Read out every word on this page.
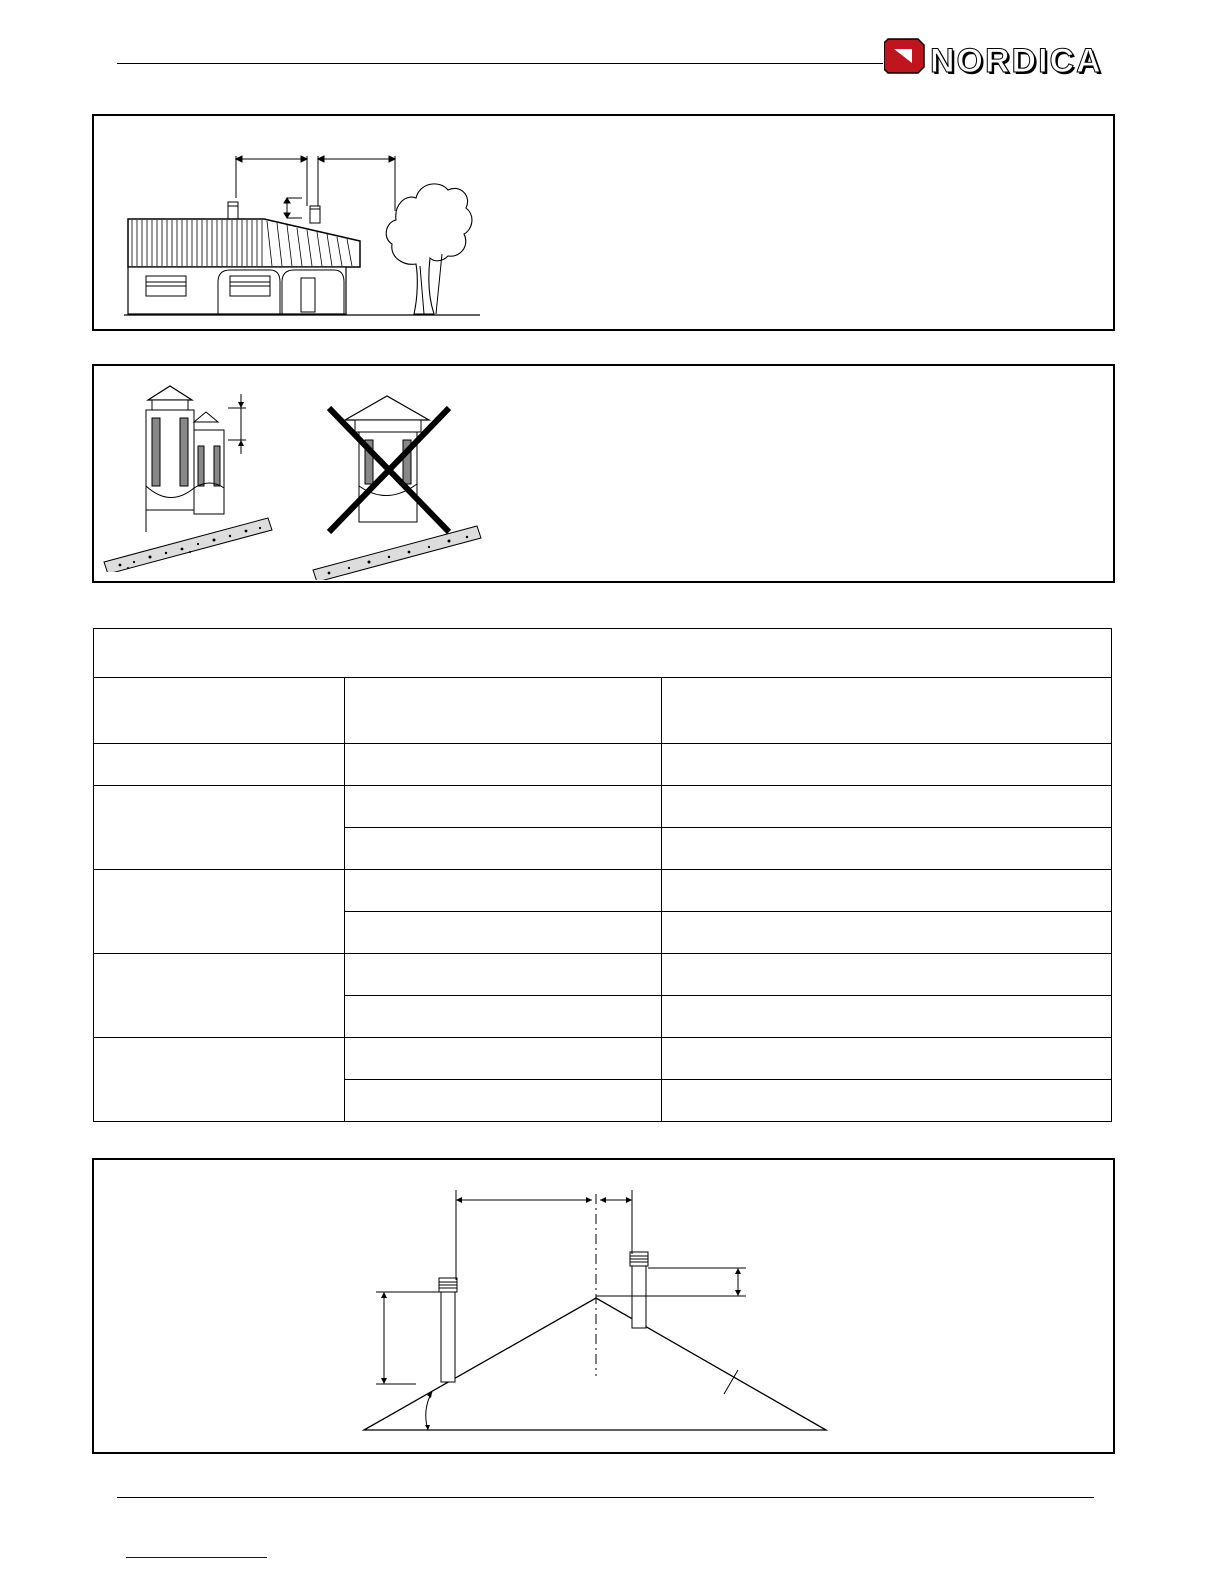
NORDICA
